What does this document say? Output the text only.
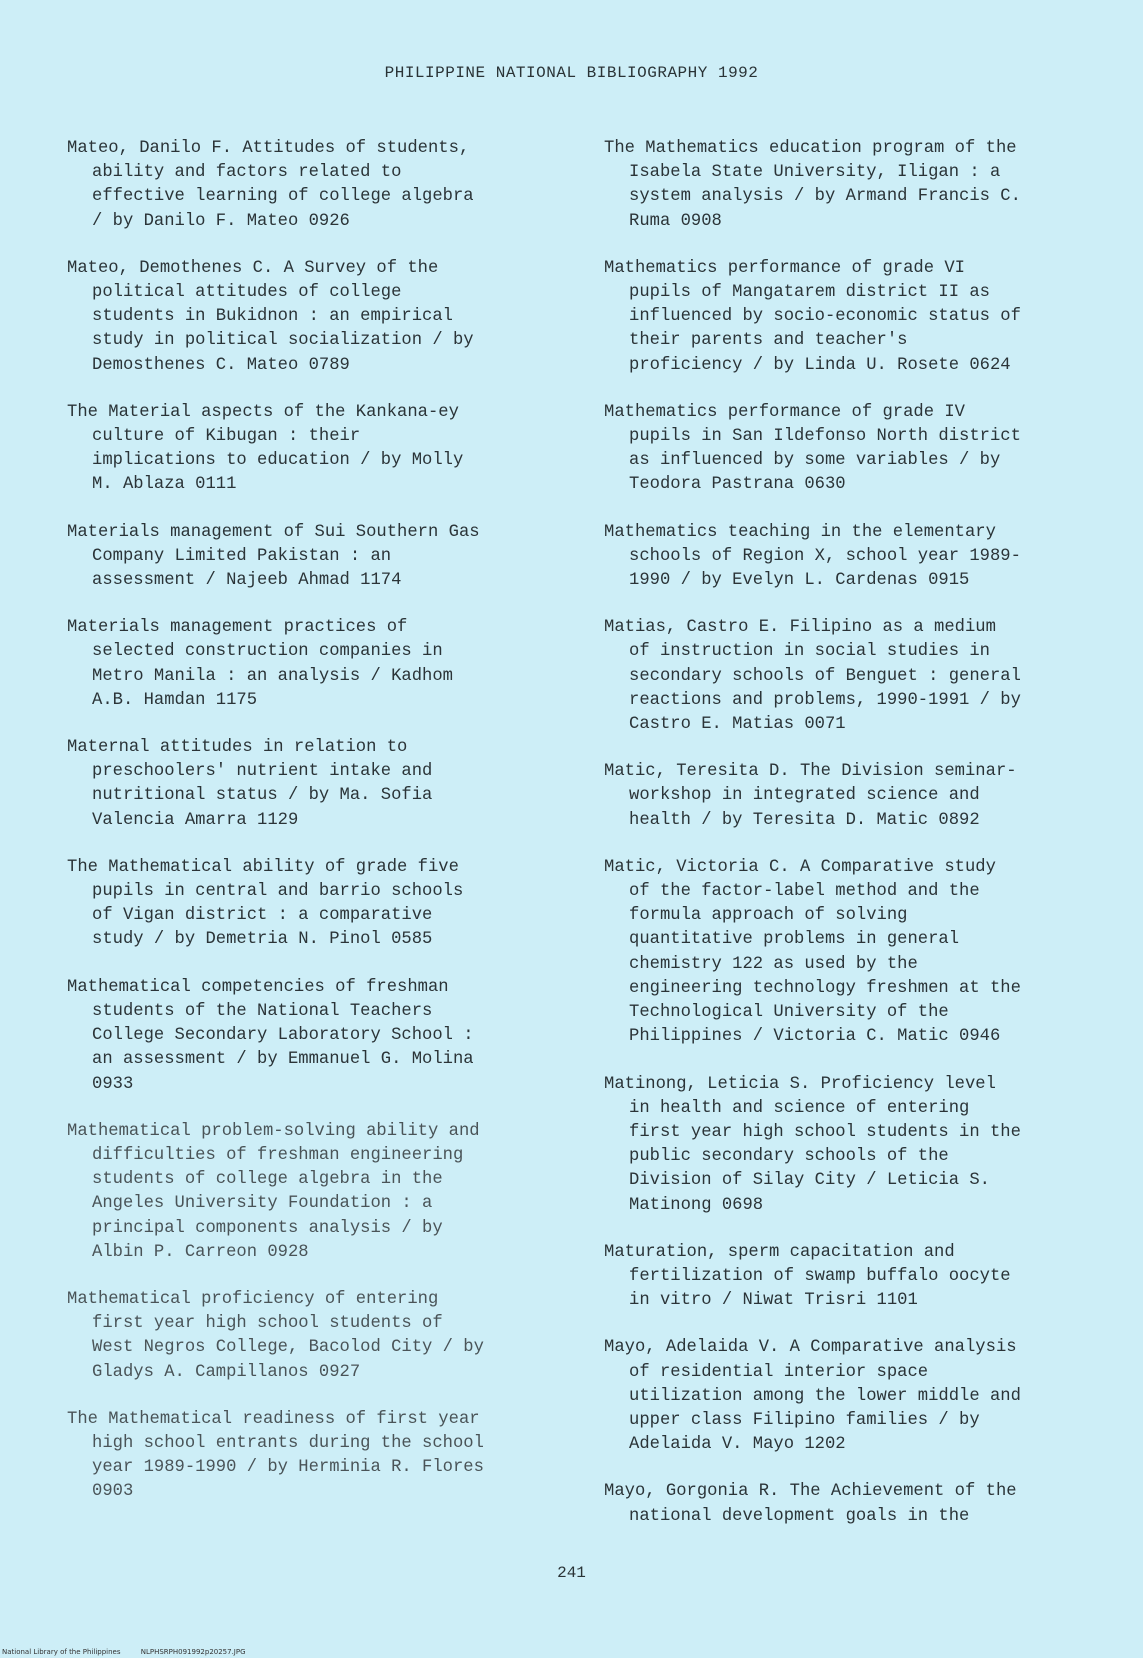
PHILIPPINE NATIONAL BIBLIOGRAPHY 1992

Mateo, Danilo F. Attitudes of students,
ability and factors related to
effective learning of college algebra
/ by Danilo F. Mateo 0926

Mateo, Demothenes C. A Survey of the
political attitudes of college
students in Bukidnon : an empirical
study in political socialization / by
Demosthenes C. Mateo 0789

The Material aspects of the Kankana-ey
culture of Kibugan : their
implications to education / by Molly
M. Ablaza 0111

Materials management of Sui Southern Gas
Company Limited Pakistan : an
assessment / Najeeb Ahmad 1174

Materials management practices of
selected construction companies in
Metro Manila : an analysis / Kadhom
A.B. Hamdan 1175

Maternal attitudes in relation to
preschoolers' nutrient intake and
nutritional status / by Ma. Sofia
Valencia Amarra 1129

The Mathematical ability of grade five
pupils in central and barrio schools
of Vigan district : a comparative
study / by Demetria N. Pinol 0585

Mathematical competencies of freshman
students of the National Teachers
College Secondary Laboratory School :
an assessment / by Emmanuel G. Molina
0933

Mathematical problem-solving ability and
difficulties of freshman engineering
students of college algebra in the
Angeles University Foundation : a
principal components analysis / by
Albin P. Carreon 0928

Mathematical proficiency of entering
first year high school students of
West Negros College, Bacolod City / by
Gladys A. Campillanos 0927

The Mathematical readiness of first year
high school entrants during the school
year 1989-1990 / by Herminia R. Flores
0903

The Mathematics education program of the
Isabela State University, Iligan : a
system analysis / by Armand Francis C.
Ruma 0908

Mathematics performance of grade VI
pupils of Mangatarem district II as
influenced by socio-economic status of
their parents and teacher's
proficiency / by Linda U. Rosete 0624

Mathematics performance of grade IV
pupils in San Ildefonso North district
as influenced by some variables / by
Teodora Pastrana 0630

Mathematics teaching in the elementary
schools of Region X, school year 1989-
1990 / by Evelyn L. Cardenas 0915

Matias, Castro E. Filipino as a medium
of instruction in social studies in
secondary schools of Benguet : general
reactions and problems, 1990-1991 / by
Castro E. Matias 0071

Matic, Teresita D. The Division seminar-
workshop in integrated science and
health / by Teresita D. Matic 0892

Matic, Victoria C. A Comparative study
of the factor-label method and the
formula approach of solving
quantitative problems in general
chemistry 122 as used by the
engineering technology freshmen at the
Technological University of the
Philippines / Victoria C. Matic 0946

Matinong, Leticia S. Proficiency level
in health and science of entering
first year high school students in the
public secondary schools of the
Division of Silay City / Leticia S.
Matinong 0698

Maturation, sperm capacitation and
fertilization of swamp buffalo oocyte
in vitro / Niwat Trisri 1101

Mayo, Adelaida V. A Comparative analysis
of residential interior space
utilization among the lower middle and
upper class Filipino families / by
Adelaida V. Mayo 1202

Mayo, Gorgonia R. The Achievement of the
national development goals in the

241
National Library of the Philippines	NLPHSRPH091992p20257.JPG
